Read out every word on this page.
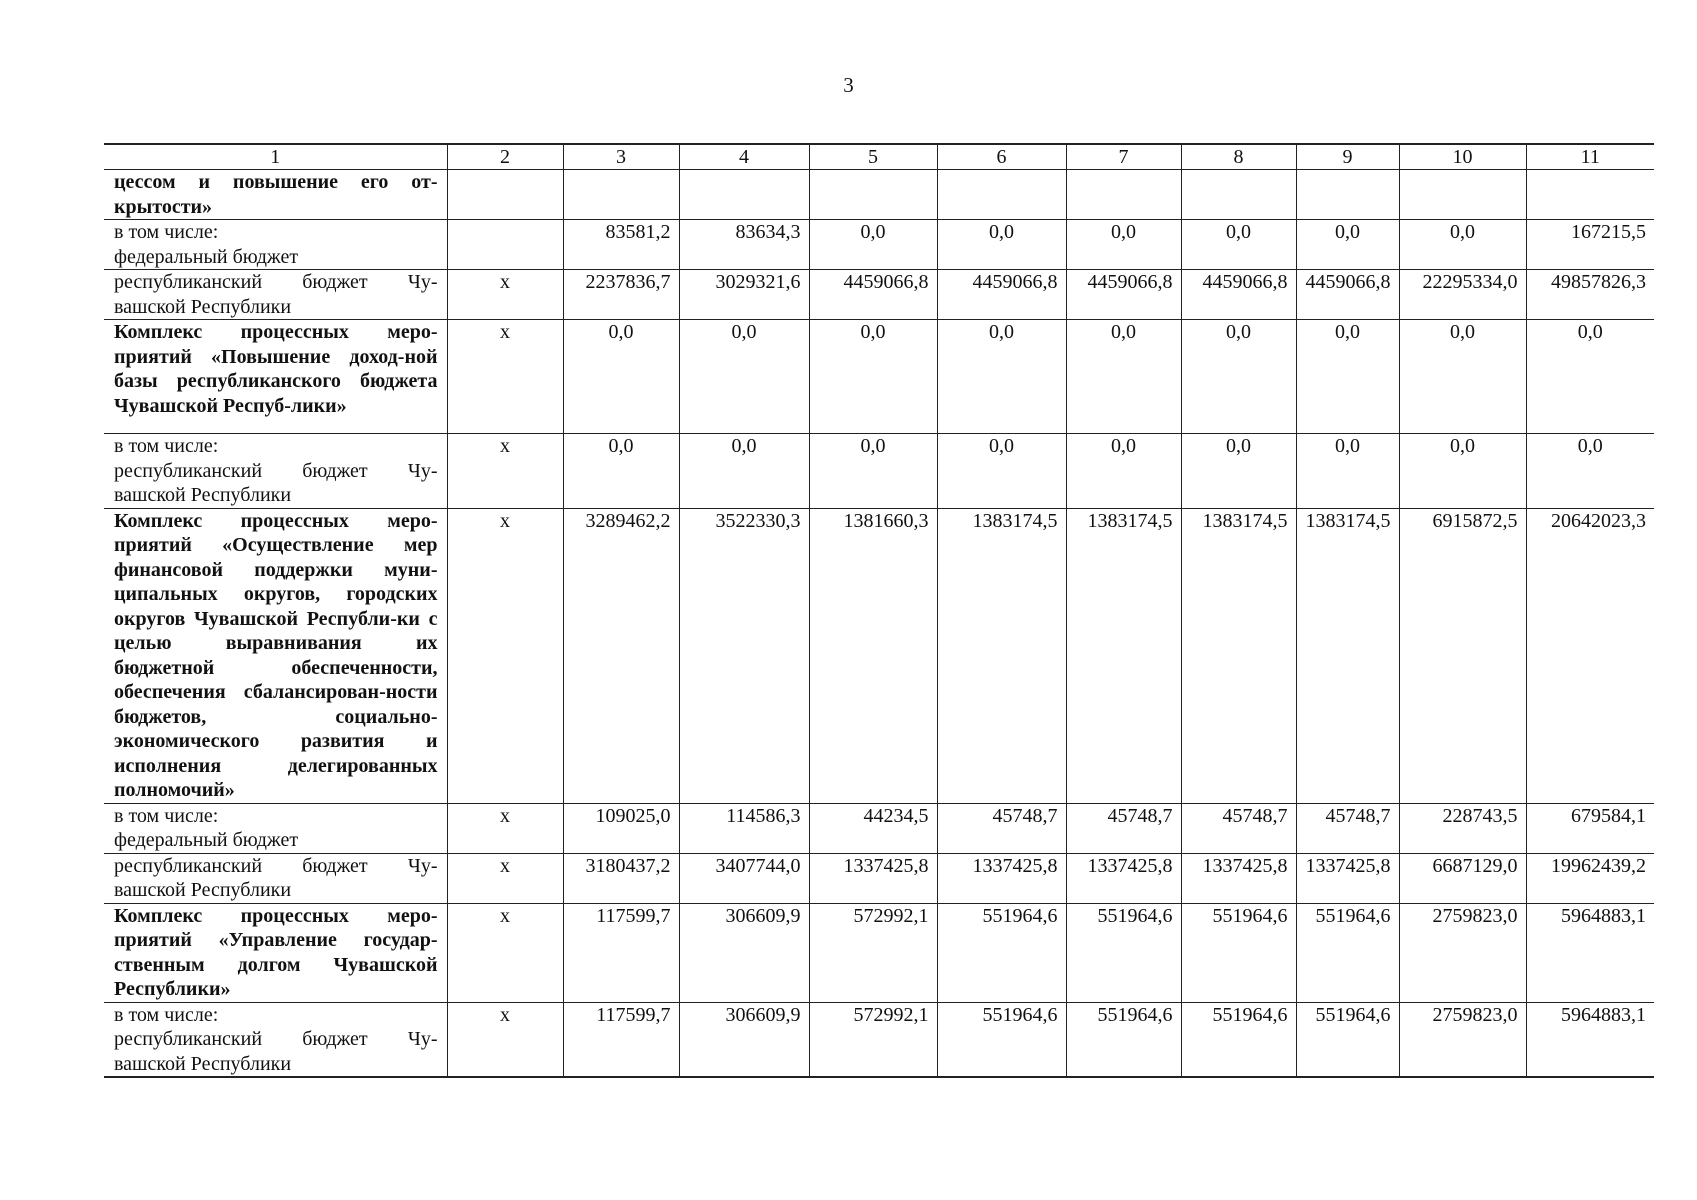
3
1	2	3	4	5	6	7	8	9	10	11

цессом и повышение его от-крытости»										

в том числе:
федеральный бюджет		83581,2	83634,3	0,0	0,0	0,0	0,0	0,0	0,0	167215,5

республиканский бюджет Чу-вашской Республики	x	2237836,7	3029321,6	4459066,8	4459066,8	4459066,8	4459066,8	4459066,8	22295334,0	49857826,3

Комплекс процессных меро-приятий «Повышение доход-ной базы республиканского бюджета Чувашской Респуб-лики»	x	0,0	0,0	0,0	0,0	0,0	0,0	0,0	0,0	0,0

в том числе:
республиканский бюджет Чу-вашской Республики	x	0,0	0,0	0,0	0,0	0,0	0,0	0,0	0,0	0,0

Комплекс процессных меро-приятий «Осуществление мер финансовой поддержки муни-ципальных округов, городских округов Чувашской Республи-ки с целью выравнивания их бюджетной обеспеченности, обеспечения сбалансирован-ности бюджетов, социально-экономического развития и исполнения делегированных полномочий»	x	3289462,2	3522330,3	1381660,3	1383174,5	1383174,5	1383174,5	1383174,5	6915872,5	20642023,3

в том числе:
федеральный бюджет	x	109025,0	114586,3	44234,5	45748,7	45748,7	45748,7	45748,7	228743,5	679584,1

республиканский бюджет Чу-вашской Республики	x	3180437,2	3407744,0	1337425,8	1337425,8	1337425,8	1337425,8	1337425,8	6687129,0	19962439,2

Комплекс процессных меро-приятий «Управление государ-ственным долгом Чувашской Республики»	x	117599,7	306609,9	572992,1	551964,6	551964,6	551964,6	551964,6	2759823,0	5964883,1

в том числе:
республиканский бюджет Чу-вашской Республики	x	117599,7	306609,9	572992,1	551964,6	551964,6	551964,6	551964,6	2759823,0	5964883,1
